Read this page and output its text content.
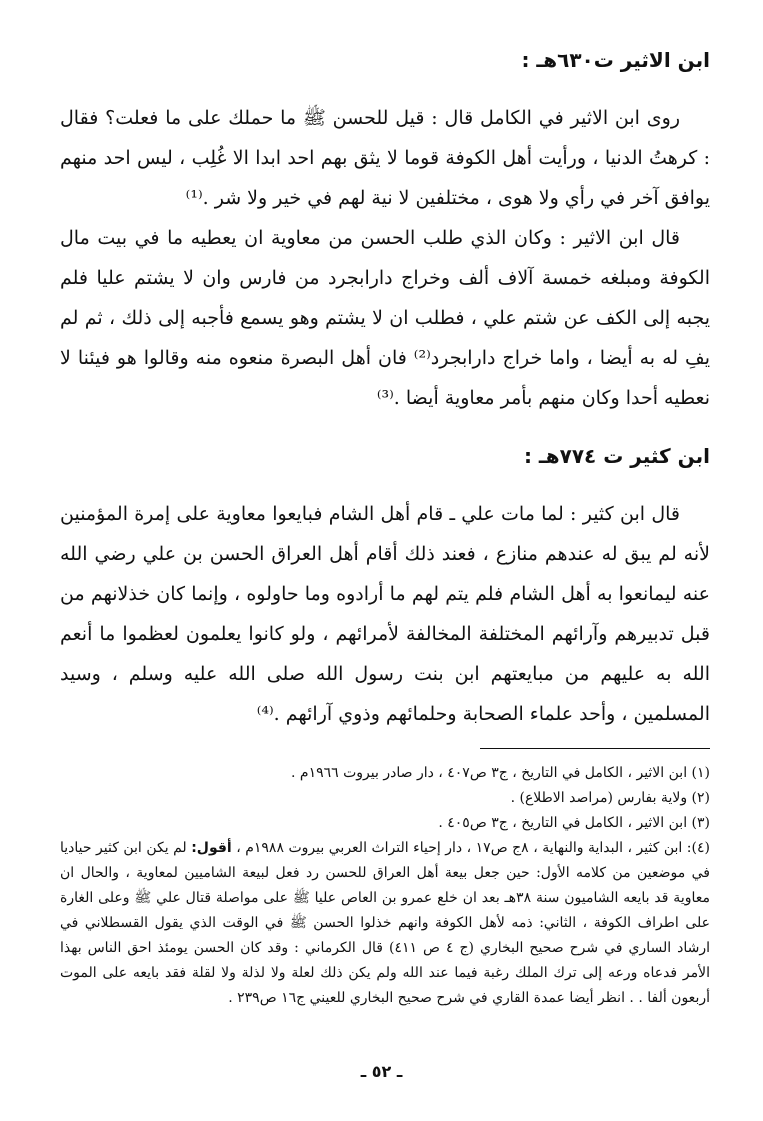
ابن الاثير ت٦٣٠هـ :

روى ابن الاثير في الكامل قال : قيل للحسن ﷺ ما حملك على ما فعلت؟ فقال : كرهتُ الدنيا ، ورأيت أهل الكوفة قوما لا يثق بهم احد ابدا الا غُلِب ، ليس احد منهم يوافق آخر في رأي ولا هوى ، مختلفين لا نية لهم في خير ولا شر .⁽¹⁾

قال ابن الاثير : وكان الذي طلب الحسن من معاوية ان يعطيه ما في بيت مال الكوفة ومبلغه خمسة آلاف ألف وخراج دارابجرد من فارس وان لا يشتم عليا فلم يجبه إلى الكف عن شتم علي ، فطلب ان لا يشتم وهو يسمع فأجبه إلى ذلك ، ثم لم يفِ له به أيضا ، واما خراج دارابجرد⁽²⁾ فان أهل البصرة منعوه منه وقالوا هو فيئنا لا نعطيه أحدا وكان منهم بأمر معاوية أيضا .⁽³⁾

ابن كثير ت ٧٧٤هـ :

قال ابن كثير : لما مات علي ـ قام أهل الشام فبايعوا معاوية على إمرة المؤمنين لأنه لم يبق له عندهم منازع ، فعند ذلك أقام أهل العراق الحسن بن علي رضي الله عنه ليمانعوا به أهل الشام فلم يتم لهم ما أرادوه وما حاولوه ، وإنما كان خذلانهم من قبل تدبيرهم وآرائهم المختلفة المخالفة لأمرائهم ، ولو كانوا يعلمون لعظموا ما أنعم الله به عليهم من مبايعتهم ابن بنت رسول الله صلى الله عليه وسلم ، وسيد المسلمين ، وأحد علماء الصحابة وحلمائهم وذوي آرائهم .⁽⁴⁾

(١) ابن الاثير ، الكامل في التاريخ ، ج٣ ص٤٠٧ ، دار صادر بيروت ١٩٦٦م .

(٢) ولاية بفارس (مراصد الاطلاع) .

(٣) ابن الاثير ، الكامل في التاريخ ، ج٣ ص٤٠٥ .

(٤): ابن كثير ، البداية والنهاية ، ٨ج ص١٧ ، دار إحياء التراث العربي بيروت ١٩٨٨م ، أقول: لم يكن ابن كثير حياديا في موضعين من كلامه الأول: حين جعل بيعة أهل العراق للحسن رد فعل لبيعة الشاميين لمعاوية ، والحال ان معاوية قد بايعه الشاميون سنة ٣٨هـ بعد ان خلع عمرو بن العاص عليا ﷺ على مواصلة قتال علي ﷺ وعلى الغارة على اطراف الكوفة ، الثاني: ذمه لأهل الكوفة وانهم خذلوا الحسن ﷺ في الوقت الذي يقول القسطلاني في ارشاد الساري في شرح صحيح البخاري (ج ٤ ص ٤١١) قال الكرماني : وقد كان الحسن يومئذ احق الناس بهذا الأمر فدعاه ورعه إلى ترك الملك رغبة فيما عند الله ولم يكن ذلك لعلة ولا لذلة ولا لقلة فقد بايعه على الموت أربعون ألفا . . انظر أيضا عمدة القاري في شرح صحيح البخاري للعيني ج١٦ ص٢٣٩ .

ـ ٥٢ ـ
